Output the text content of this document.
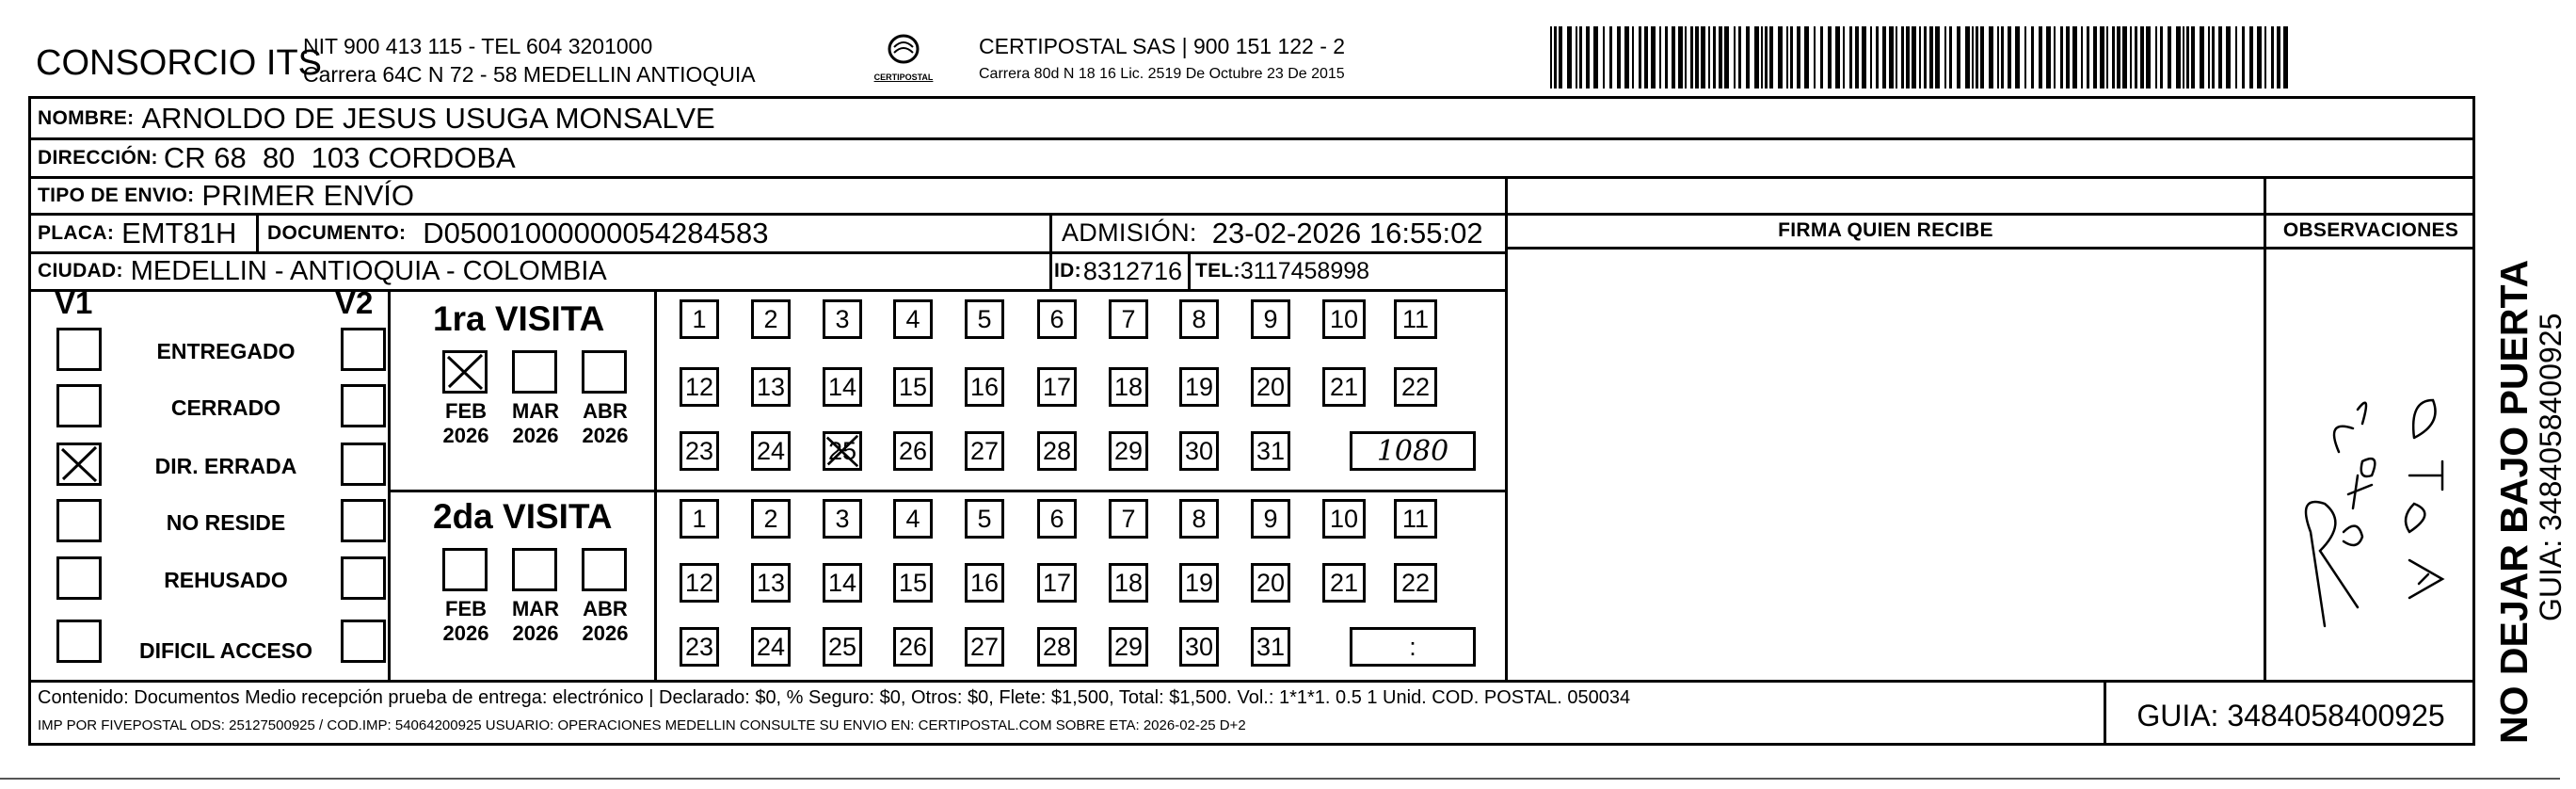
CONSORCIO ITS
NIT 900 413 115 - TEL 604 3201000
Carrera 64C N 72 - 58 MEDELLIN ANTIOQUIA	CERTIPOSTAL
CERTIPOSTAL SAS | 900 151 122 - 2
Carrera 80d N 18 16 Lic. 2519 De Octubre 23 De 2015
NOMBRE: ARNOLDO DE JESUS USUGA MONSALVE
DIRECCIÓN: CR 68  80  103 CORDOBA
TIPO DE ENVIO: PRIMER ENVÍO
PLACA: EMT81H DOCUMENTO: D05001000000054284583	ADMISIÓN: 23-02-2026 16:55:02
CIUDAD: MEDELLIN - ANTIOQUIA - COLOMBIA	ID: 8312716 TEL: 3117458998
FIRMA QUIEN RECIBE	OBSERVACIONES
V1	V2
ENTREGADO
CERRADO
DIR. ERRADA
NO RESIDE
REHUSADO
DIFICIL ACCESO
1ra VISITA
2da VISITA
FEB
2026
MAR
2026
ABR
2026
FEB
2026
MAR
2026
ABR
2026
1 2 3 4 5 6 7 8 9 10 11
12 13 14 15 16 17 18 19 20 21 22
23 24 25 26 27 28 29 30 31	1080
1 2 3 4 5 6 7 8 9 10 11
12 13 14 15 16 17 18 19 20 21 22
23 24 25 26 27 28 29 30 31	:
Contenido: Documentos Medio recepción prueba de entrega: electrónico | Declarado: $0, % Seguro: $0, Otros: $0, Flete: $1,500, Total: $1,500. Vol.: 1*1*1. 0.5 1 Unid. COD. POSTAL. 050034
IMP POR FIVEPOSTAL ODS: 25127500925 / COD.IMP: 54064200925 USUARIO: OPERACIONES MEDELLIN CONSULTE SU ENVIO EN: CERTIPOSTAL.COM SOBRE ETA: 2026-02-25 D+2	GUIA: 3484058400925	NO DEJAR BAJO PUERTA
GUIA: 3484058400925
